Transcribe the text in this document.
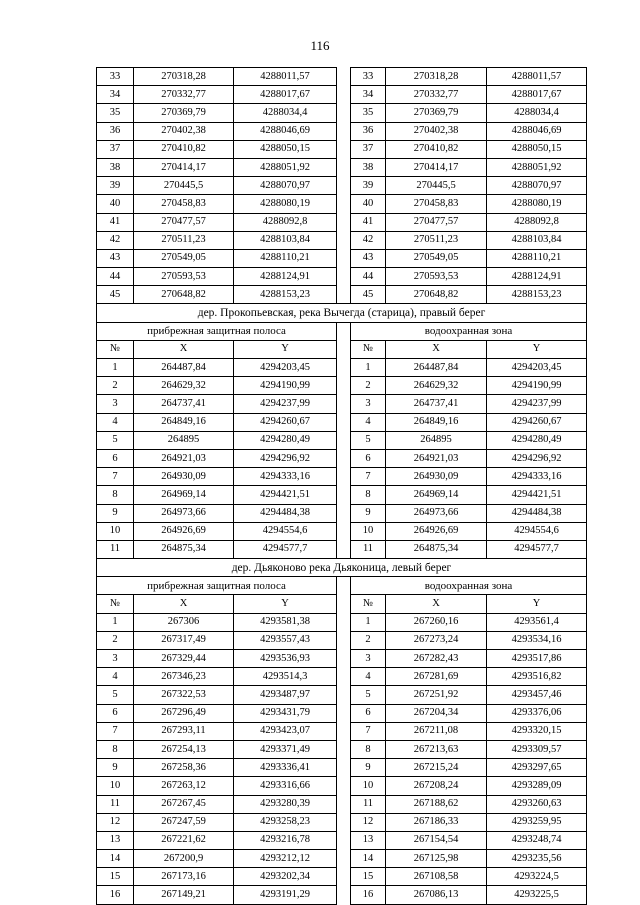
116
33	270318,28	4288011,57		33	270318,28	4288011,57
34	270332,77	4288017,67		34	270332,77	4288017,67
35	270369,79	4288034,4		35	270369,79	4288034,4
36	270402,38	4288046,69		36	270402,38	4288046,69
37	270410,82	4288050,15		37	270410,82	4288050,15
38	270414,17	4288051,92		38	270414,17	4288051,92
39	270445,5	4288070,97		39	270445,5	4288070,97
40	270458,83	4288080,19		40	270458,83	4288080,19
41	270477,57	4288092,8		41	270477,57	4288092,8
42	270511,23	4288103,84		42	270511,23	4288103,84
43	270549,05	4288110,21		43	270549,05	4288110,21
44	270593,53	4288124,91		44	270593,53	4288124,91
45	270648,82	4288153,23		45	270648,82	4288153,23
дер. Прокопьевская, река Вычегда (старица), правый берег						
прибрежная защитная полоса				водоохранная зона		
№	X	Y		№	X	Y
1	264487,84	4294203,45		1	264487,84	4294203,45
2	264629,32	4294190,99		2	264629,32	4294190,99
3	264737,41	4294237,99		3	264737,41	4294237,99
4	264849,16	4294260,67		4	264849,16	4294260,67
5	264895	4294280,49		5	264895	4294280,49
6	264921,03	4294296,92		6	264921,03	4294296,92
7	264930,09	4294333,16		7	264930,09	4294333,16
8	264969,14	4294421,51		8	264969,14	4294421,51
9	264973,66	4294484,38		9	264973,66	4294484,38
10	264926,69	4294554,6		10	264926,69	4294554,6
11	264875,34	4294577,7		11	264875,34	4294577,7
дер. Дьяконово река Дьяконица, левый берег						
прибрежная защитная полоса				водоохранная зона		
№	X	Y		№	X	Y
1	267306	4293581,38		1	267260,16	4293561,4
2	267317,49	4293557,43		2	267273,24	4293534,16
3	267329,44	4293536,93		3	267282,43	4293517,86
4	267346,23	4293514,3		4	267281,69	4293516,82
5	267322,53	4293487,97		5	267251,92	4293457,46
6	267296,49	4293431,79		6	267204,34	4293376,06
7	267293,11	4293423,07		7	267211,08	4293320,15
8	267254,13	4293371,49		8	267213,63	4293309,57
9	267258,36	4293336,41		9	267215,24	4293297,65
10	267263,12	4293316,66		10	267208,24	4293289,09
11	267267,45	4293280,39		11	267188,62	4293260,63
12	267247,59	4293258,23		12	267186,33	4293259,95
13	267221,62	4293216,78		13	267154,54	4293248,74
14	267200,9	4293212,12		14	267125,98	4293235,56
15	267173,16	4293202,34		15	267108,58	4293224,5
16	267149,21	4293191,29		16	267086,13	4293225,5
